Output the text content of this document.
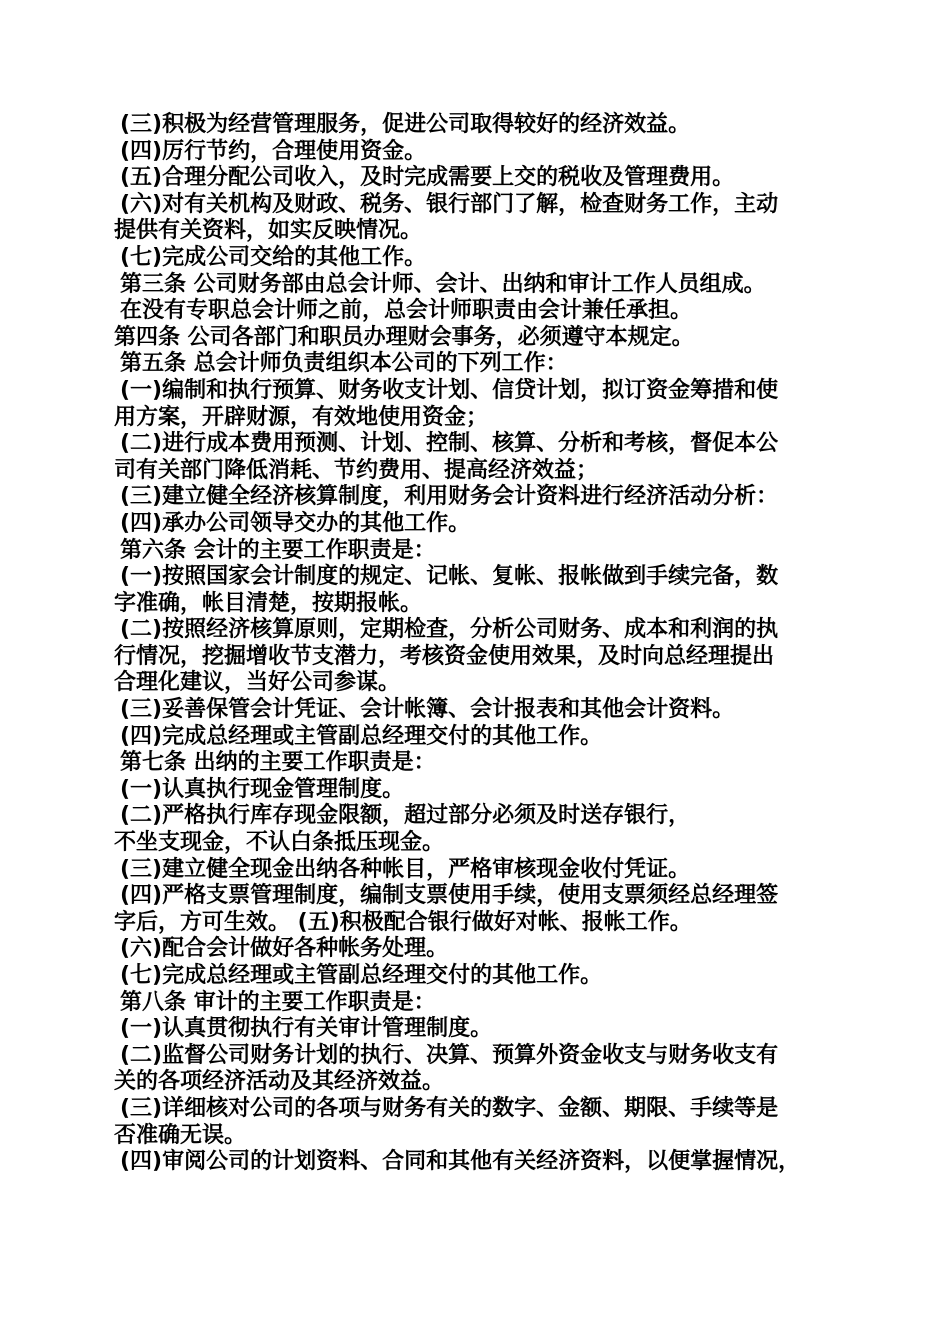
(三)积极为经营管理服务，促进公司取得较好的经济效益。
(四)厉行节约，合理使用资金。
(五)合理分配公司收入，及时完成需要上交的税收及管理费用。
(六)对有关机构及财政、税务、银行部门了解，检查财务工作，主动
提供有关资料，如实反映情况。
(七)完成公司交给的其他工作。
第三条 公司财务部由总会计师、会计、出纳和审计工作人员组成。
在没有专职总会计师之前，总会计师职责由会计兼任承担。
第四条 公司各部门和职员办理财会事务，必须遵守本规定。
第五条 总会计师负责组织本公司的下列工作：
(一)编制和执行预算、财务收支计划、信贷计划，拟订资金筹措和使
用方案，开辟财源，有效地使用资金；
(二)进行成本费用预测、计划、控制、核算、分析和考核，督促本公
司有关部门降低消耗、节约费用、提高经济效益；
(三)建立健全经济核算制度，利用财务会计资料进行经济活动分析：
(四)承办公司领导交办的其他工作。
第六条 会计的主要工作职责是：
(一)按照国家会计制度的规定、记帐、复帐、报帐做到手续完备，数
字准确，帐目清楚，按期报帐。
(二)按照经济核算原则，定期检查，分析公司财务、成本和利润的执
行情况，挖掘增收节支潜力，考核资金使用效果，及时向总经理提出
合理化建议，当好公司参谋。
(三)妥善保管会计凭证、会计帐簿、会计报表和其他会计资料。
(四)完成总经理或主管副总经理交付的其他工作。
第七条 出纳的主要工作职责是：
(一)认真执行现金管理制度。
(二)严格执行库存现金限额，超过部分必须及时送存银行，
不坐支现金，不认白条抵压现金。
(三)建立健全现金出纳各种帐目，严格审核现金收付凭证。
(四)严格支票管理制度，编制支票使用手续，使用支票须经总经理签
字后，方可生效。 (五)积极配合银行做好对帐、报帐工作。
(六)配合会计做好各种帐务处理。
(七)完成总经理或主管副总经理交付的其他工作。
第八条 审计的主要工作职责是：
(一)认真贯彻执行有关审计管理制度。
(二)监督公司财务计划的执行、决算、预算外资金收支与财务收支有
关的各项经济活动及其经济效益。
(三)详细核对公司的各项与财务有关的数字、金额、期限、手续等是
否准确无误。
(四)审阅公司的计划资料、合同和其他有关经济资料，以便掌握情况，
